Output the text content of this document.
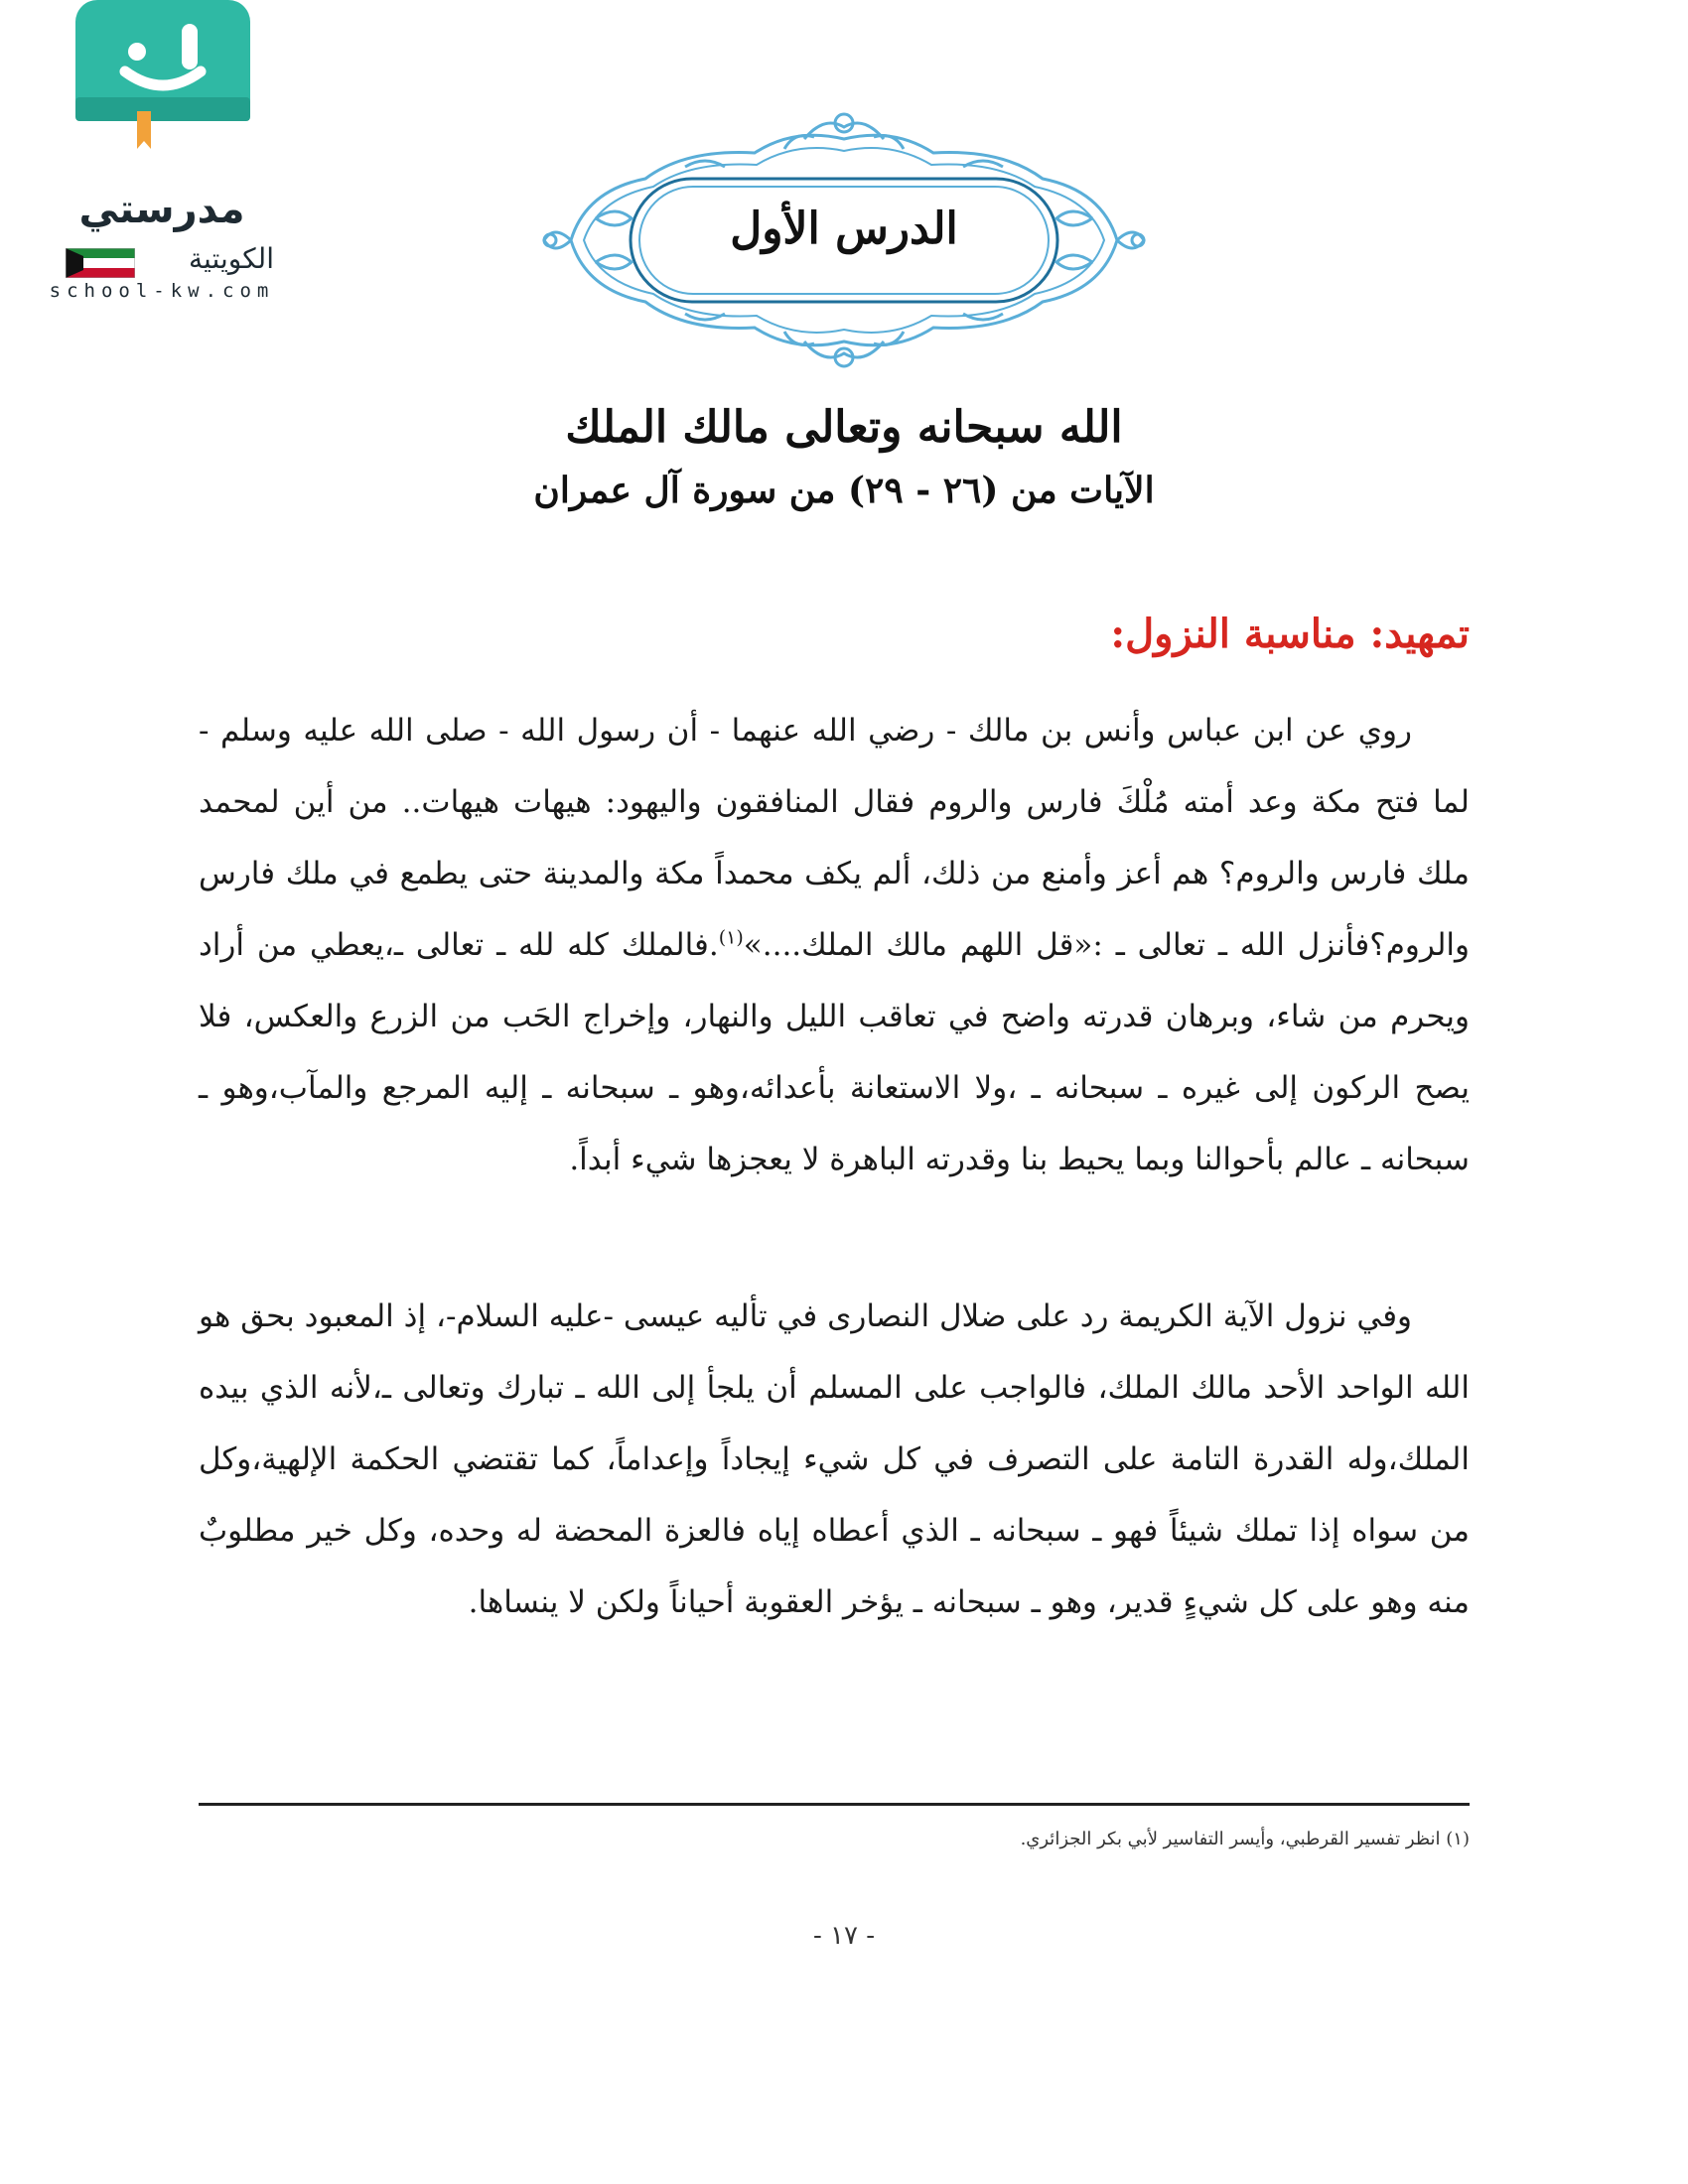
مدرستي
الكويتية
school-kw.com
الدرس الأول
الله سبحانه وتعالى مالك الملك
الآيات من (٢٦ - ٢٩) من سورة آل عمران
تمهيد: مناسبة النزول:
روي عن ابن عباس وأنس بن مالك - رضي الله عنهما - أن رسول الله - صلى الله عليه وسلم - لما فتح مكة وعد أمته مُلْكَ فارس والروم فقال المنافقون واليهود: هيهات هيهات.. من أين لمحمد ملك فارس والروم؟ هم أعز وأمنع من ذلك، ألم يكف محمداً مكة والمدينة حتى يطمع في ملك فارس والروم؟فأنزل الله ـ تعالى ـ :«قل اللهم مالك الملك....»$^{(١)}$.فالملك كله لله ـ تعالى ـ،يعطي من أراد ويحرم من شاء، وبرهان قدرته واضح في تعاقب الليل والنهار، وإخراج الحَب من الزرع والعكس، فلا يصح الركون إلى غيره ـ سبحانه ـ ،ولا الاستعانة بأعدائه،وهو ـ سبحانه ـ إليه المرجع والمآب،وهو ـ سبحانه ـ عالم بأحوالنا وبما يحيط بنا وقدرته الباهرة لا يعجزها شيء أبداً.
وفي نزول الآية الكريمة رد على ضلال النصارى في تأليه عيسى -عليه السلام-، إذ المعبود بحق هو الله الواحد الأحد مالك الملك، فالواجب على المسلم أن يلجأ إلى الله ـ تبارك وتعالى ـ،لأنه الذي بيده الملك،وله القدرة التامة على التصرف في كل شيء إيجاداً وإعداماً، كما تقتضي الحكمة الإلهية،وكل من سواه إذا تملك شيئاً فهو ـ سبحانه ـ الذي أعطاه إياه فالعزة المحضة له وحده، وكل خير مطلوبٌ منه وهو على كل شيءٍ قدير، وهو ـ سبحانه ـ يؤخر العقوبة أحياناً ولكن لا ينساها.
(١) انظر تفسير القرطبي، وأيسر التفاسير لأبي بكر الجزائري.
- ١٧ -
